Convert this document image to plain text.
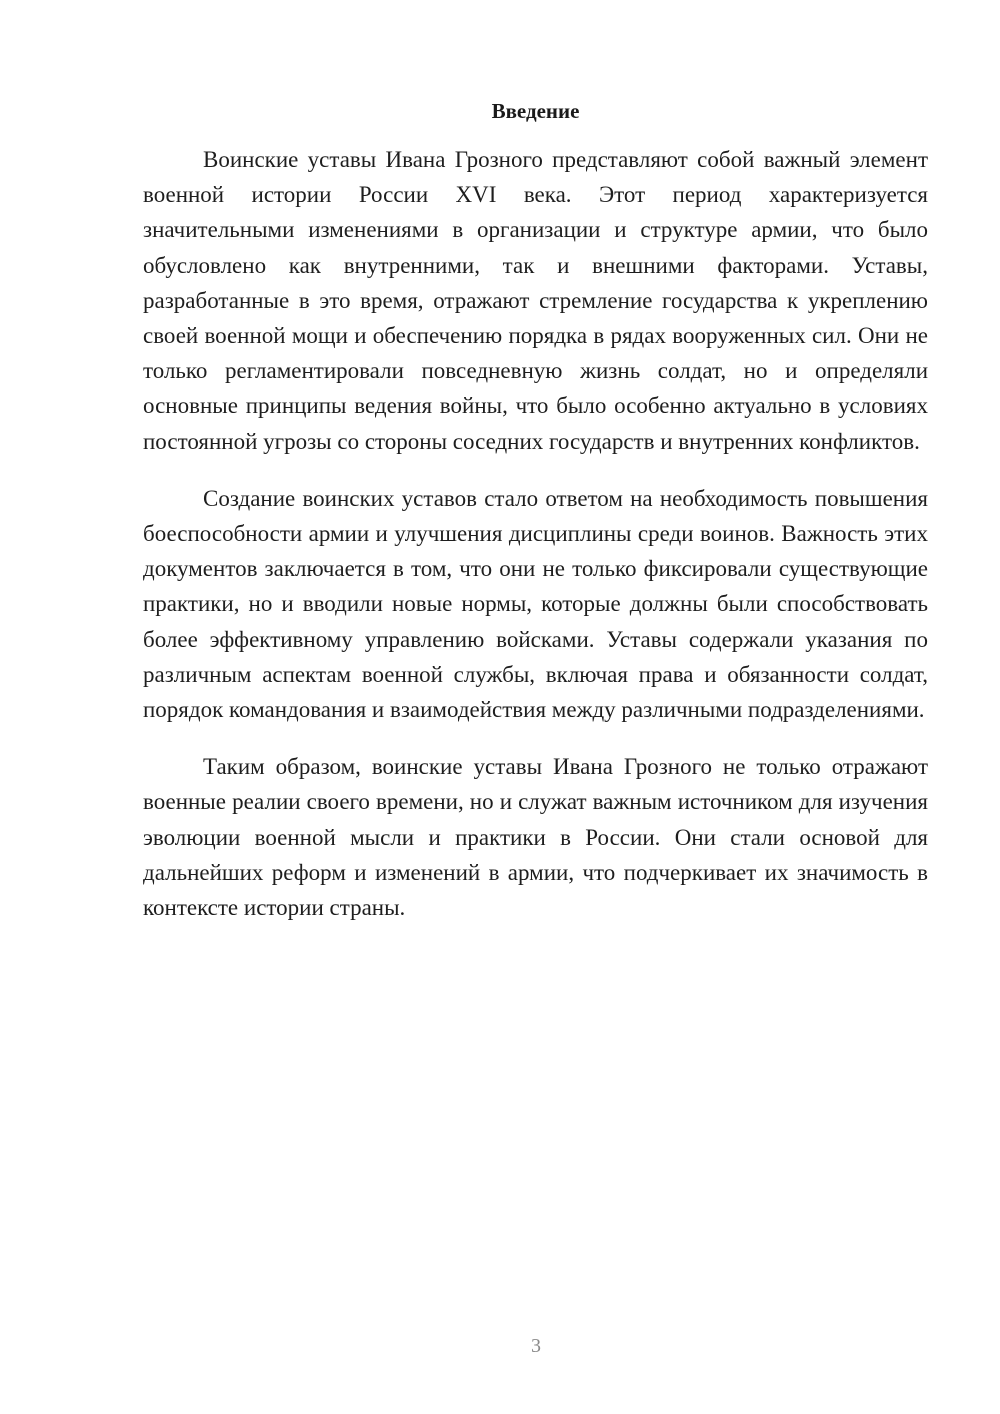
Введение

Воинские уставы Ивана Грозного представляют собой важный элемент военной истории России XVI века. Этот период характеризуется значительными изменениями в организации и структуре армии, что было обусловлено как внутренними, так и внешними факторами. Уставы, разработанные в это время, отражают стремление государства к укреплению своей военной мощи и обеспечению порядка в рядах вооруженных сил. Они не только регламентировали повседневную жизнь солдат, но и определяли основные принципы ведения войны, что было особенно актуально в условиях постоянной угрозы со стороны соседних государств и внутренних конфликтов.

Создание воинских уставов стало ответом на необходимость повышения боеспособности армии и улучшения дисциплины среди воинов. Важность этих документов заключается в том, что они не только фиксировали существующие практики, но и вводили новые нормы, которые должны были способствовать более эффективному управлению войсками. Уставы содержали указания по различным аспектам военной службы, включая права и обязанности солдат, порядок командования и взаимодействия между различными подразделениями.

Таким образом, воинские уставы Ивана Грозного не только отражают военные реалии своего времени, но и служат важным источником для изучения эволюции военной мысли и практики в России. Они стали основой для дальнейших реформ и изменений в армии, что подчеркивает их значимость в контексте истории страны.

3
